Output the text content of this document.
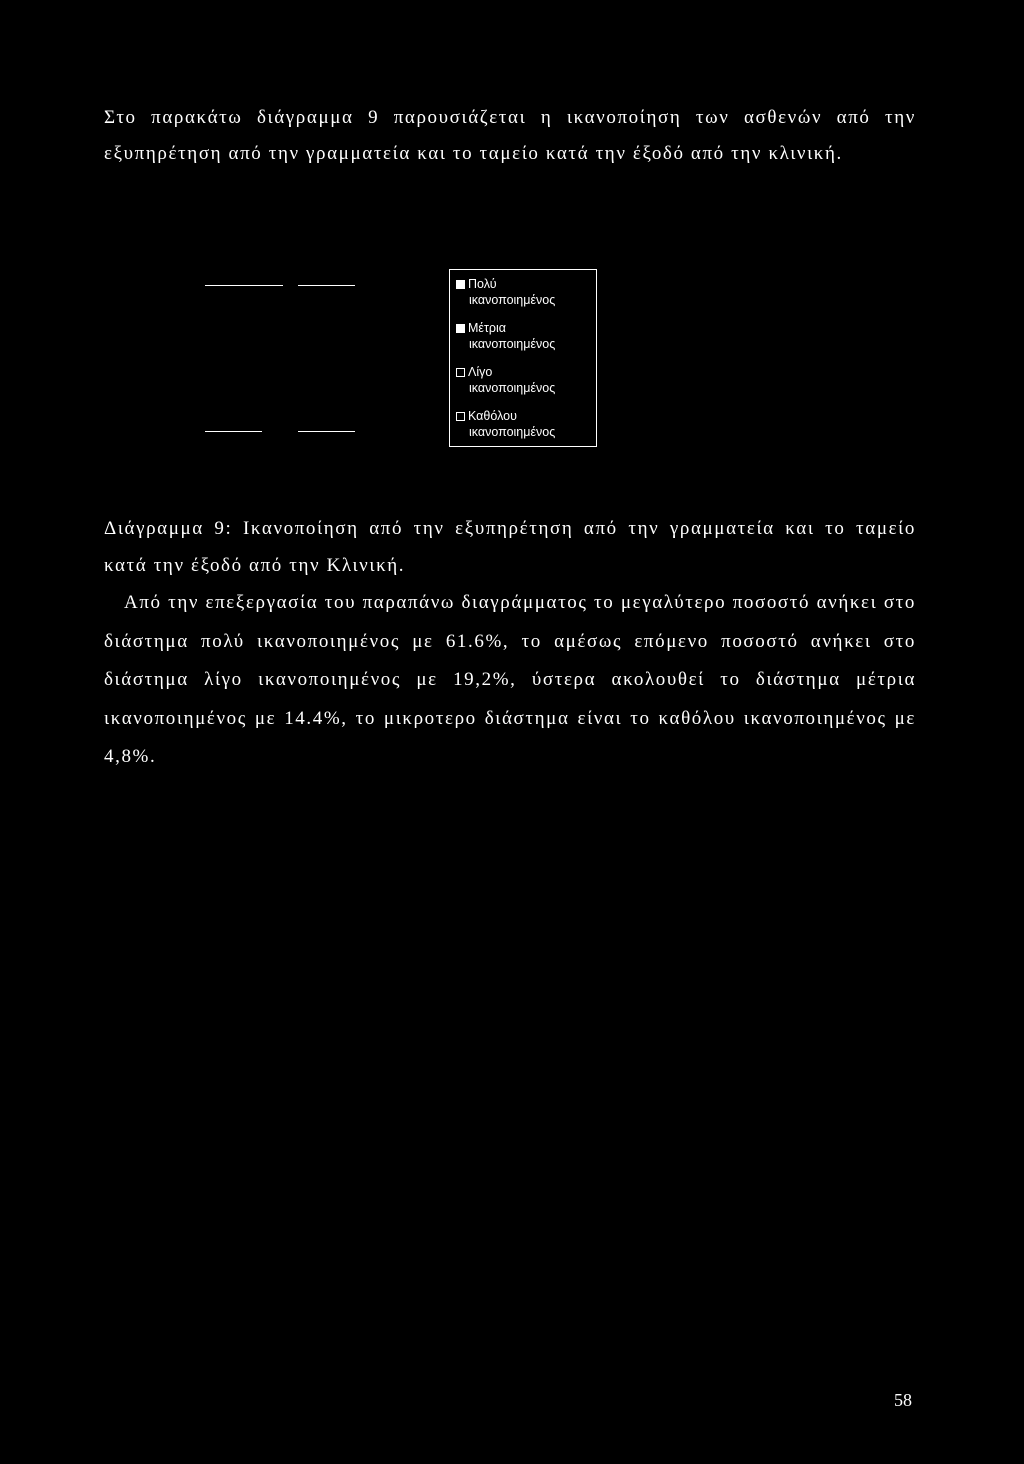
Στο παρακάτω διάγραμμα 9 παρουσιάζεται η ικανοποίηση των ασθενών από την εξυπηρέτηση από την γραμματεία και το ταμείο κατά την έξοδό από την κλινική.

Πολύ
ικανοποιημένος
Μέτρια
ικανοποιημένος
Λίγο
ικανοποιημένος
Καθόλου
ικανοποιημένος

Διάγραμμα 9: Ικανοποίηση από την εξυπηρέτηση από την γραμματεία και το ταμείο κατά την έξοδό από την Κλινική.

Από την επεξεργασία του παραπάνω διαγράμματος το μεγαλύτερο ποσοστό ανήκει στο διάστημα πολύ ικανοποιημένος με 61.6%, το αμέσως επόμενο ποσοστό ανήκει στο διάστημα λίγο ικανοποιημένος με 19,2%, ύστερα ακολουθεί το διάστημα μέτρια ικανοποιημένος με 14.4%, το μικροτερο διάστημα είναι το καθόλου ικανοποιημένος με 4,8%.

58
